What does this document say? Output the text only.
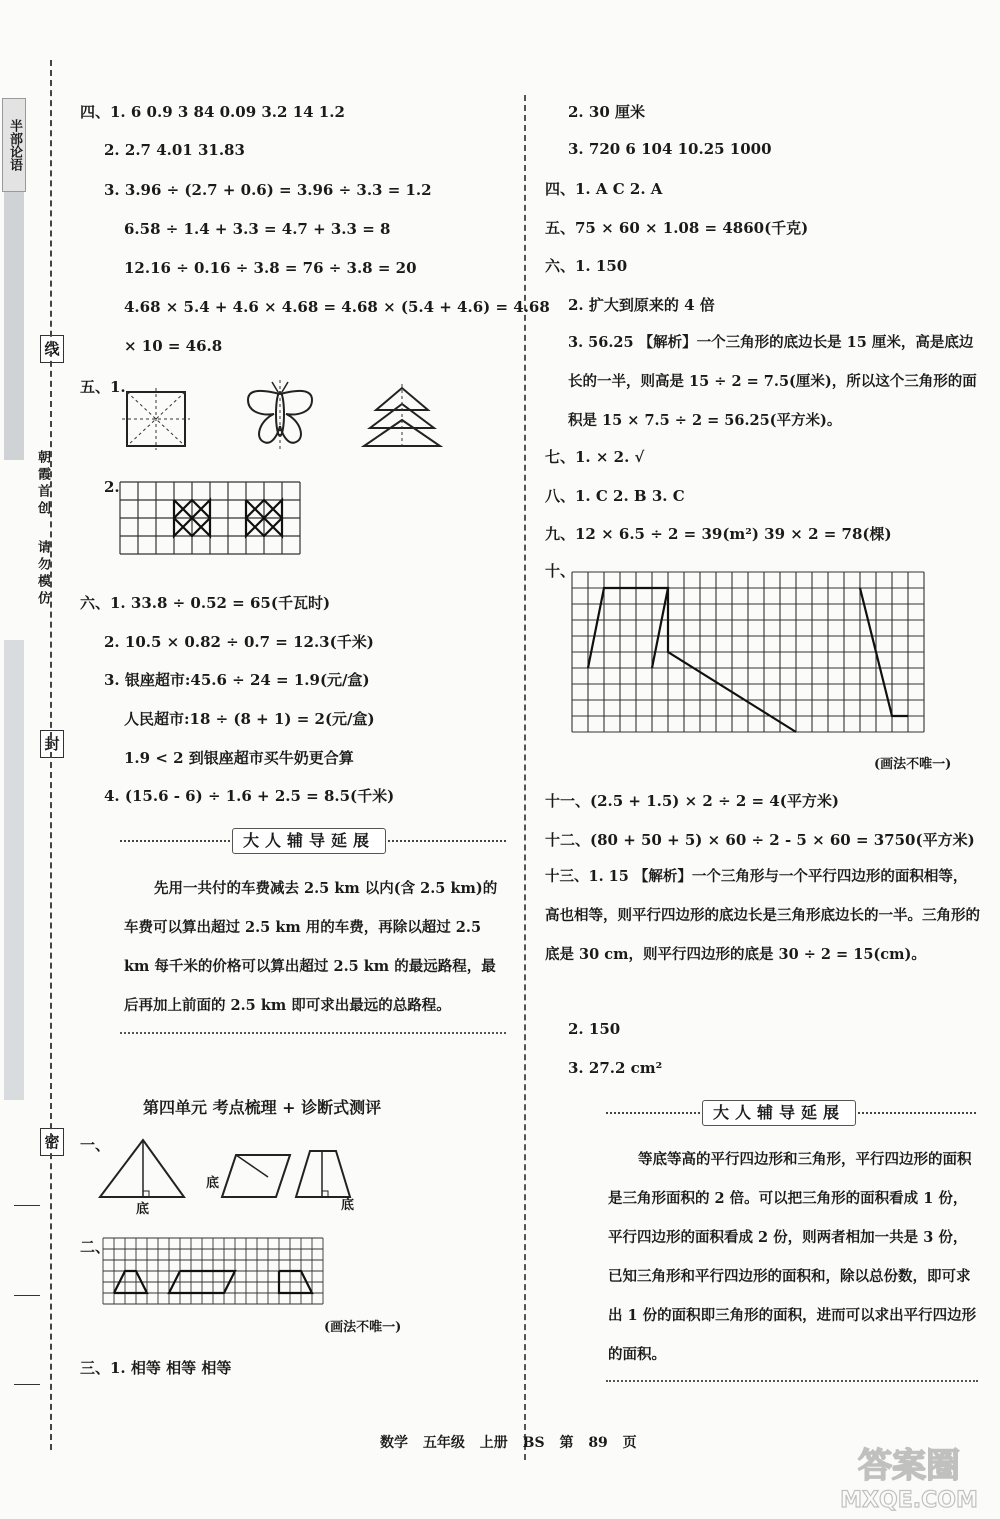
半部论语
线
朝霞首创
请勿模仿
封
密
四、1. 6 0.9 3 84 0.09 3.2 14 1.2
2. 2.7 4.01 31.83
3. 3.96 ÷ (2.7 + 0.6) = 3.96 ÷ 3.3 = 1.2
6.58 ÷ 1.4 + 3.3 = 4.7 + 3.3 = 8
12.16 ÷ 0.16 ÷ 3.8 = 76 ÷ 3.8 = 20
4.68 × 5.4 + 4.6 × 4.68 = 4.68 × (5.4 + 4.6) = 4.68
× 10 = 46.8
五、1.
2.
六、1. 33.8 ÷ 0.52 = 65(千瓦时)
2. 10.5 × 0.82 ÷ 0.7 = 12.3(千米)
3. 银座超市:45.6 ÷ 24 = 1.9(元/盒)
人民超市:18 ÷ (8 + 1) = 2(元/盒)
1.9 < 2 到银座超市买牛奶更合算
4. (15.6 - 6) ÷ 1.6 + 2.5 = 8.5(千米)
大人辅导延展
先用一共付的车费减去 2.5 km 以内(含 2.5 km)的车费可以算出超过 2.5 km 用的车费，再除以超过 2.5 km 每千米的价格可以算出超过 2.5 km 的最远路程，最后再加上前面的 2.5 km 即可求出最远的总路程。
第四单元 考点梳理 + 诊断式测评
一、
底
底
底
二、
(画法不唯一)
三、1. 相等 相等 相等
2. 30 厘米
3. 720 6 104 10.25 1000
四、1. A C 2. A
五、75 × 60 × 1.08 = 4860(千克)
六、1. 150
2. 扩大到原来的 4 倍
3. 56.25 【解析】一个三角形的底边长是 15 厘米，高是底边长的一半，则高是 15 ÷ 2 = 7.5(厘米)，所以这个三角形的面积是 15 × 7.5 ÷ 2 = 56.25(平方米)。
七、1. × 2. √
八、1. C 2. B 3. C
九、12 × 6.5 ÷ 2 = 39(m²) 39 × 2 = 78(棵)
十、
(画法不唯一)
十一、(2.5 + 1.5) × 2 ÷ 2 = 4(平方米)
十二、(80 + 50 + 5) × 60 ÷ 2 - 5 × 60 = 3750(平方米)
十三、1. 15 【解析】一个三角形与一个平行四边形的面积相等，高也相等，则平行四边形的底边长是三角形底边长的一半。三角形的底是 30 cm，则平行四边形的底是 30 ÷ 2 = 15(cm)。
2. 150
3. 27.2 cm²
大人辅导延展
等底等高的平行四边形和三角形，平行四边形的面积是三角形面积的 2 倍。可以把三角形的面积看成 1 份，平行四边形的面积看成 2 份，则两者相加一共是 3 份，已知三角形和平行四边形的面积和，除以总份数，即可求出 1 份的面积即三角形的面积，进而可以求出平行四边形的面积。
数学 五年级 上册 BS 第 89 页
答案圈
MXQE.COM
